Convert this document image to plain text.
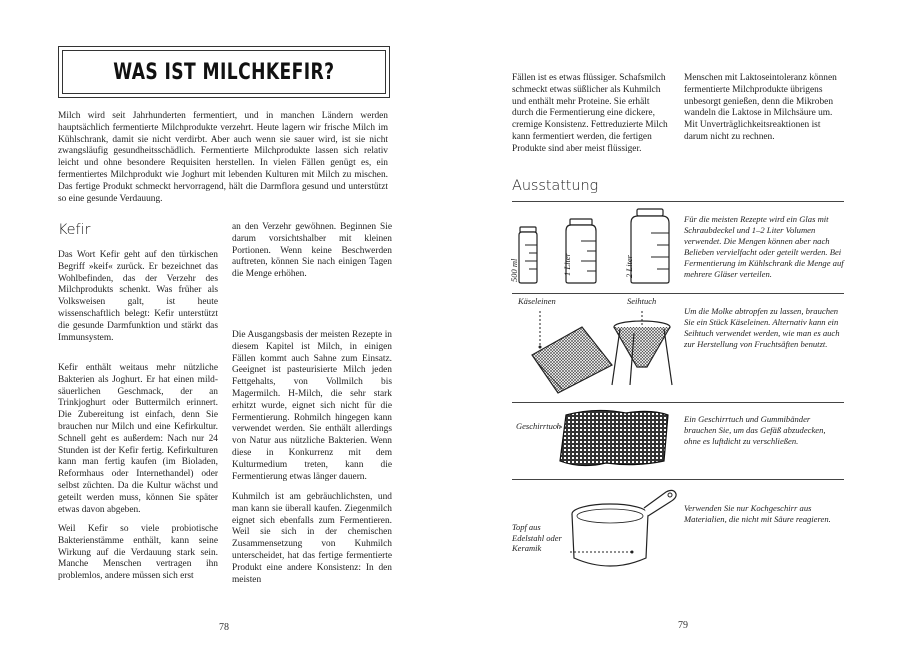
WAS IST MILCHKEFIR?

Milch wird seit Jahrhunderten fermentiert, und in manchen Ländern werden hauptsächlich fermentierte Milchprodukte verzehrt. Heute lagern wir frische Milch im Kühlschrank, damit sie nicht verdirbt. Aber auch wenn sie sauer wird, ist sie nicht zwangsläufig gesundheitsschädlich. Fermentierte Milchprodukte lassen sich relativ leicht und ohne besondere Requisiten herstellen. In vielen Fällen genügt es, ein fermentiertes Milchprodukt wie Joghurt mit lebenden Kulturen mit Milch zu mischen. Das fertige Produkt schmeckt hervorragend, hält die Darmflora gesund und unterstützt so eine gesunde Verdauung.

Kefir

Das Wort Kefir geht auf den türkischen Begriff »keif« zurück. Er bezeichnet das Wohlbefinden, das der Verzehr des Milchprodukts schenkt. Was früher als Volksweisen galt, ist heute wissenschaftlich belegt: Kefir unterstützt die gesunde Darmfunktion und stärkt das Immunsystem.

Kefir enthält weitaus mehr nützliche Bakterien als Joghurt. Er hat einen mild-säuerlichen Geschmack, der an Trinkjoghurt oder Buttermilch erinnert. Die Zubereitung ist einfach, denn Sie brauchen nur Milch und eine Kefirkultur. Schnell geht es außerdem: Nach nur 24 Stunden ist der Kefir fertig. Kefirkulturen kann man fertig kaufen (im Bioladen, Reformhaus oder Internethandel) oder selbst züchten. Da die Kultur wächst und geteilt werden muss, können Sie später etwas davon abgeben.

Weil Kefir so viele probiotische Bakterienstämme enthält, kann seine Wirkung auf die Verdauung stark sein. Manche Menschen vertragen ihn problemlos, andere müssen sich erst

an den Verzehr gewöhnen. Beginnen Sie darum vorsichtshalber mit kleinen Portionen. Wenn keine Beschwerden auftreten, können Sie nach einigen Tagen die Menge erhöhen.

Die Ausgangsbasis der meisten Rezepte in diesem Kapitel ist Milch, in einigen Fällen kommt auch Sahne zum Einsatz. Geeignet ist pasteurisierte Milch jeden Fettgehalts, von Vollmilch bis Magermilch. H-Milch, die sehr stark erhitzt wurde, eignet sich nicht für die Fermentierung. Rohmilch hingegen kann verwendet werden. Sie enthält allerdings von Natur aus nützliche Bakterien. Wenn diese in Konkurrenz mit dem Kulturmedium treten, kann die Fermentierung etwas länger dauern.

Kuhmilch ist am gebräuchlichsten, und man kann sie überall kaufen. Ziegenmilch eignet sich ebenfalls zum Fermentieren. Weil sie sich in der chemischen Zusammensetzung von Kuhmilch unterscheidet, hat das fertige fermentierte Produkt eine andere Konsistenz: In den meisten

78

Fällen ist es etwas flüssiger. Schafsmilch schmeckt etwas süßlicher als Kuhmilch und enthält mehr Proteine. Sie erhält durch die Fermentierung eine dickere, cremige Konsistenz. Fettreduzierte Milch kann fermentiert werden, die fertigen Produkte sind aber meist flüssiger.

Menschen mit Laktoseintoleranz können fermentierte Milchprodukte übrigens unbesorgt genießen, denn die Mikroben wandeln die Laktose in Milchsäure um. Mit Unverträglichkeitsreaktionen ist darum nicht zu rechnen.

Ausstattung
500 ml	1 Liter	2 Liter

Für die meisten Rezepte wird ein Glas mit Schraubdeckel und 1–2 Liter Volumen verwendet. Die Mengen können aber nach Belieben vervielfacht oder geteilt werden. Bei Fermentierung im Kühlschrank die Menge auf mehrere Gläser verteilen.

Käseleinen	Seihtuch

Um die Molke abtropfen zu lassen, brauchen Sie ein Stück Käseleinen. Alternativ kann ein Seihtuch verwendet werden, wie man es auch zur Herstellung von Fruchtsäften benutzt.

Geschirrtuch

Ein Geschirrtuch und Gummibänder brauchen Sie, um das Gefäß abzudecken, ohne es luftdicht zu verschließen.

Topf aus Edelstahl oder Keramik

Verwenden Sie nur Kochgeschirr aus Materialien, die nicht mit Säure reagieren.

79
